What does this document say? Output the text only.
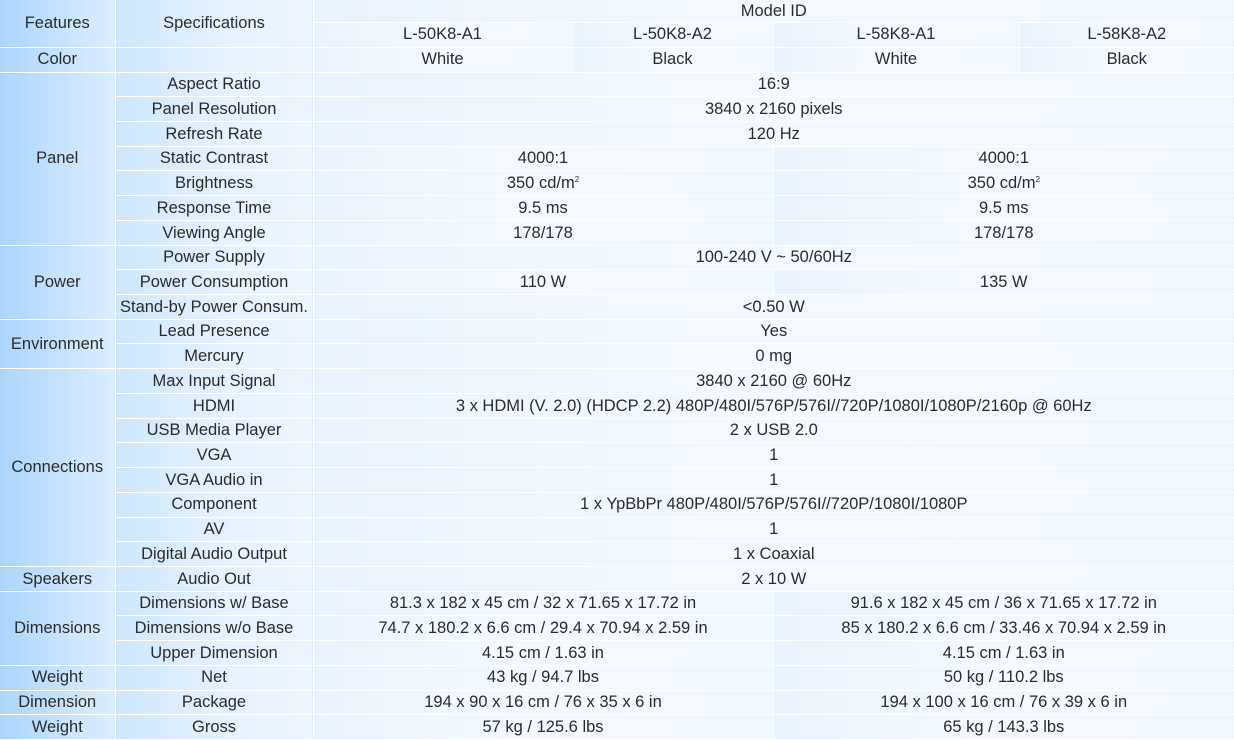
Features	Specifications	Model ID			
		L-50K8-A1	L-50K8-A2	L-58K8-A1	L-58K8-A2
Color		White	Black	White	Black
Panel	Aspect Ratio	16:9			
	Panel Resolution	3840 x 2160 pixels			
	Refresh Rate	120 Hz			
	Static Contrast	4000:1		4000:1	
	Brightness	350 $cd/m^2$		350 $cd/m^2$
	Response Time	9.5 ms		9.5 ms	
	Viewing Angle	178/178		178/178	
Power	Power Supply	100-240 V ~ 50/60Hz			
	Power Consumption	110 W		135 W	
	Stand-by Power Consum.	<0.50 W			
Environment	Lead Presence	Yes			
	Mercury	0 mg			
Connections	Max Input Signal	3840 x 2160 @ 60Hz			
	HDMI	3 x HDMI (V. 2.0) (HDCP 2.2) 480P/480I/576P/576I//720P/1080I/1080P/2160p @ 60Hz			
	USB Media Player	2 x USB 2.0			
	VGA	1			
	VGA Audio in	1			
	Component	1 x YpBbPr 480P/480I/576P/576I//720P/1080I/1080P			
	AV	1			
	Digital Audio Output	1 x Coaxial			
Speakers	Audio Out	2 x 10 W			
Dimensions	Dimensions w/ Base	81.3 x 182 x 45 cm / 32 x 71.65 x 17.72 in		91.6 x 182 x 45 cm / 36 x 71.65 x 17.72 in	
	Dimensions w/o Base	74.7 x 180.2 x 6.6 cm / 29.4 x 70.94 x 2.59 in		85 x 180.2 x 6.6 cm / 33.46 x 70.94 x 2.59 in	
	Upper Dimension	4.15 cm / 1.63 in		4.15 cm / 1.63 in	
Weight	Net	43 kg / 94.7 lbs		50 kg / 110.2 lbs	
Dimension	Package	194 x 90 x 16 cm / 76 x 35 x 6 in		194 x 100 x 16 cm / 76 x 39 x 6 in	
Weight	Gross	57 kg / 125.6 lbs		65 kg / 143.3 lbs	
